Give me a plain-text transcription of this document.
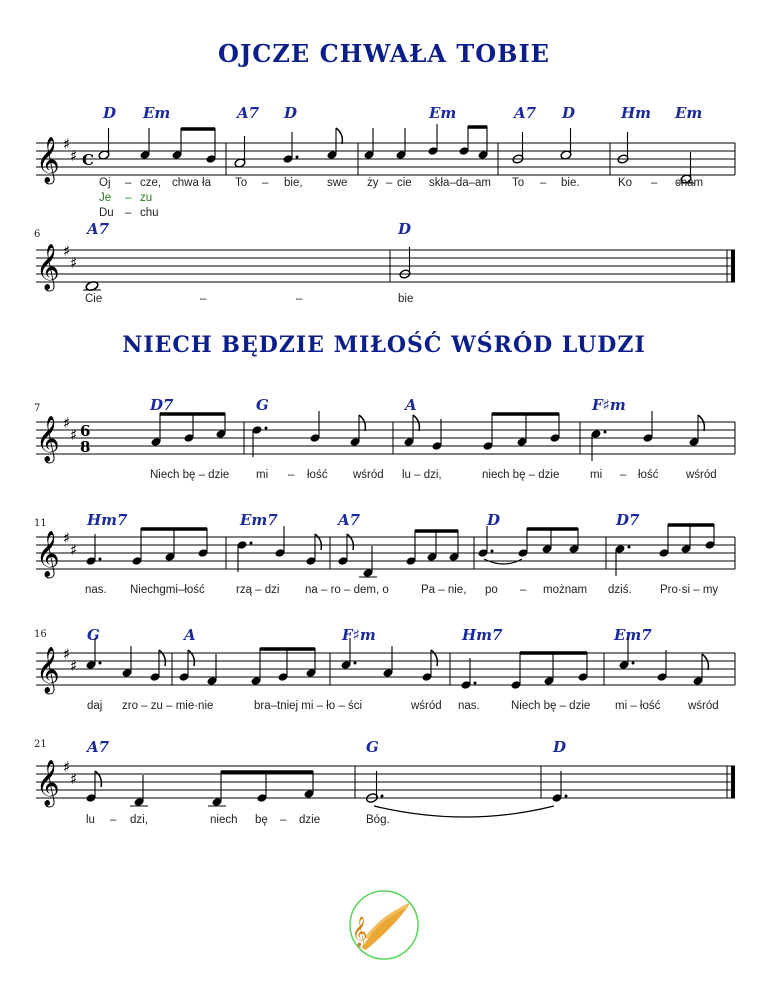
OJCZE CHWAŁA TOBIE
𝄞 ♯
♯ C
D Em	A7 D	Em	A7 D	Hm Em
Oj – cze, chwa ła To – bie, swe ży – cie skła–da–am To – bie.	Ko – cham
Je – zu
Du – chu
6
𝄞 ♯
♯
A7	D
Cie	–	–	bie
NIECH BĘDZIE MIŁOŚĆ WŚRÓD LUDZI
7
𝄞 ♯
♯ 6
8
D7	G	A	F♯m
Niech bę – dzie mi – łość wśród lu – dzi,	niech bę – dzie	mi – łość wśród
11
𝄞 ♯
♯
Hm7	Em7	A7	D	D7
nas. Niechgmi–łość	rzą – dzi na – ro – dem, o	Pa – nie, po – możnam dziś. Pro·si – my
16
𝄞 ♯
♯
G	A	F♯m	Hm7	Em7
daj zro – zu – mie·nie	bra–tniej mi – ło – ści	wśród nas.	Niech bę – dzie mi – łość wśród
21
𝄞 ♯
♯
A7	G	D
lu – dzi,	niech bę – dzie	Bóg.
𝄞
